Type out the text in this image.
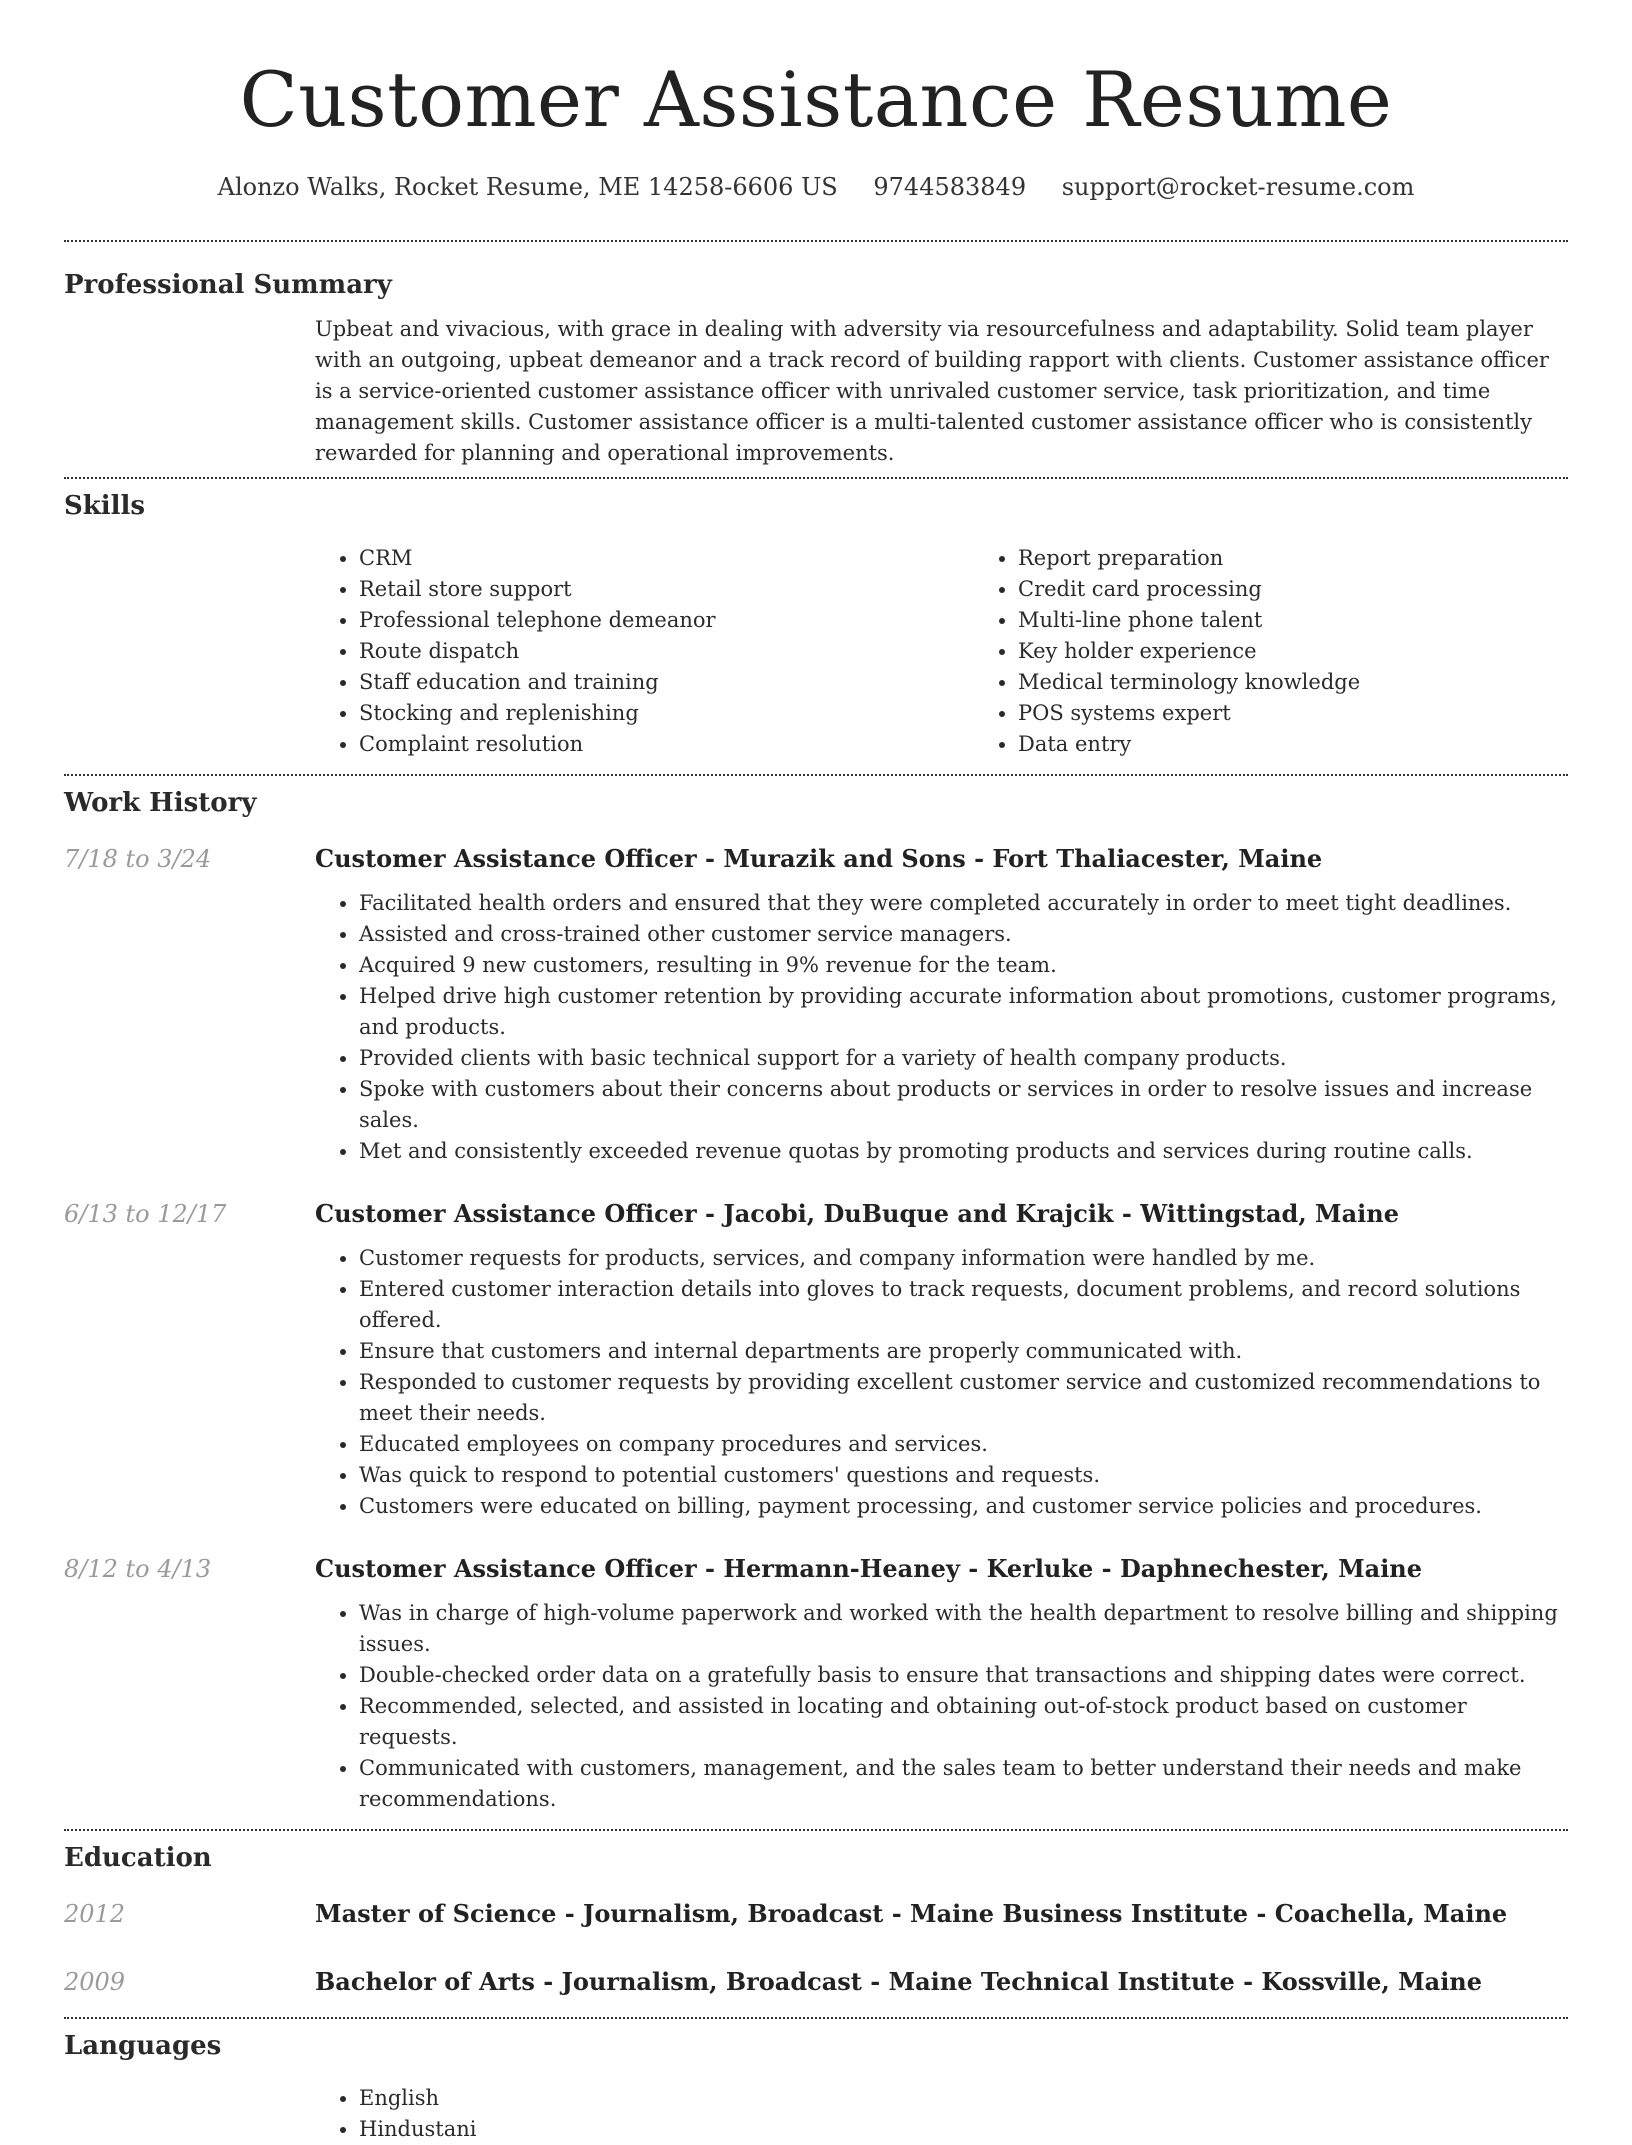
Customer Assistance Resume
Alonzo Walks, Rocket Resume, ME 14258-6606 US 9744583849 support@rocket-resume.com
Professional Summary

Upbeat and vivacious, with grace in dealing with adversity via resourcefulness and adaptability. Solid team player with an outgoing, upbeat demeanor and a track record of building rapport with clients. Customer assistance officer is a service-oriented customer assistance officer with unrivaled customer service, task prioritization, and time management skills. Customer assistance officer is a multi-talented customer assistance officer who is consistently rewarded for planning and operational improvements.

Skills
• CRM
• Retail store support
• Professional telephone demeanor
• Route dispatch
• Staff education and training
• Stocking and replenishing
• Complaint resolution
• Report preparation
• Credit card processing
• Multi-line phone talent
• Key holder experience
• Medical terminology knowledge
• POS systems expert
• Data entry
Work History
7/18 to 3/24	Customer Assistance Officer - Murazik and Sons - Fort Thaliacester, Maine
• Facilitated health orders and ensured that they were completed accurately in order to meet tight deadlines.
• Assisted and cross-trained other customer service managers.
• Acquired 9 new customers, resulting in 9% revenue for the team.
• Helped drive high customer retention by providing accurate information about promotions, customer programs, and products.
• Provided clients with basic technical support for a variety of health company products.
• Spoke with customers about their concerns about products or services in order to resolve issues and increase sales.
• Met and consistently exceeded revenue quotas by promoting products and services during routine calls.
6/13 to 12/17	Customer Assistance Officer - Jacobi, DuBuque and Krajcik - Wittingstad, Maine
• Customer requests for products, services, and company information were handled by me.
• Entered customer interaction details into gloves to track requests, document problems, and record solutions offered.
• Ensure that customers and internal departments are properly communicated with.
• Responded to customer requests by providing excellent customer service and customized recommendations to meet their needs.
• Educated employees on company procedures and services.
• Was quick to respond to potential customers' questions and requests.
• Customers were educated on billing, payment processing, and customer service policies and procedures.
8/12 to 4/13	Customer Assistance Officer - Hermann-Heaney - Kerluke - Daphnechester, Maine
• Was in charge of high-volume paperwork and worked with the health department to resolve billing and shipping issues.
• Double-checked order data on a gratefully basis to ensure that transactions and shipping dates were correct.
• Recommended, selected, and assisted in locating and obtaining out-of-stock product based on customer requests.
• Communicated with customers, management, and the sales team to better understand their needs and make recommendations.
Education
2012	Master of Science - Journalism, Broadcast - Maine Business Institute - Coachella, Maine
2009	Bachelor of Arts - Journalism, Broadcast - Maine Technical Institute - Kossville, Maine
Languages
• English
• Hindustani
